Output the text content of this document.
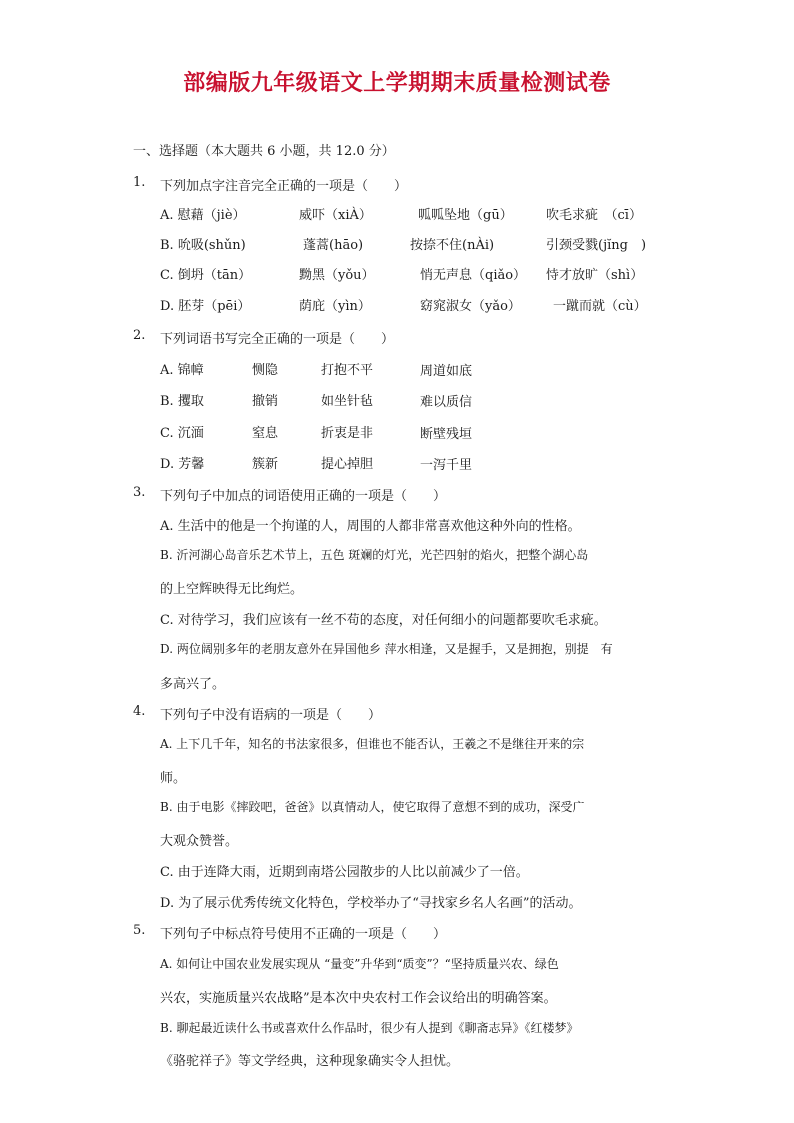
部编版九年级语文上学期期末质量检测试卷
一、选择题（本大题共 6 小题，共 12.0 分）
1. 下列加点字注音完全正确的一项是（　　）
A. 慰藉（jiè）	威吓（xiÀ）	呱呱坠地（gū）	吹毛求疵　（cī）
B. 吮吸(shǔn)	蓬蒿(hāo)	按捺不住(nÀi)	引颈受戮(jĭng　)
C. 倒坍（tān）	黝黑（yǒu）	悄无声息（qiǎo） 恃才放旷（shì）
D. 胚芽（pēi）	荫庇（yìn）	窈窕淑女（yǎo） 一蹴而就（cù）
2. 下列词语书写完全正确的一项是（　　）
A. 锦幛	恻隐	打抱不平	周道如底
B. 攫取	撤销	如坐针毡	难以质信
C. 沉湎	窒息	折衷是非	断壁残垣
D. 芳馨	簇新	提心掉胆	一泻千里
3. 下列句子中加点的词语使用正确的一项是（　　）
A. 生活中的他是一个拘谨的人，周围的人都非常喜欢他这种外向的性格。
B. 沂河湖心岛音乐艺术节上，五色 斑斓的灯光，光芒四射的焰火，把整个湖心岛
的上空辉映得无比绚烂。
C. 对待学习，我们应该有一丝不苟的态度，对任何细小的问题都要吹毛求疵。
D. 两位阔别多年的老朋友意外在异国他乡 萍水相逢，又是握手，又是拥抱，别提　有
多高兴了。
4. 下列句子中没有语病的一项是（　　）
A. 上下几千年，知名的书法家很多，但谁也不能否认，王羲之不是继往开来的宗
师。
B. 由于电影《摔跤吧，爸爸》以真情动人，使它取得了意想不到的成功，深受广
大观众赞誉。
C. 由于连降大雨，近期到南塔公园散步的人比以前减少了一倍。
D. 为了展示优秀传统文化特色，学校举办了“寻找家乡名人名画”的活动。
5. 下列句子中标点符号使用不正确的一项是（　　）
A. 如何让中国农业发展实现从 “量变”升华到“质变”？“坚持质量兴农、绿色
兴农，实施质量兴农战略”是本次中央农村工作会议给出的明确答案。
B. 聊起最近读什么书或喜欢什么作品时，很少有人提到《聊斋志异》《红楼梦》
《骆驼祥子》等文学经典，这种现象确实令人担忧。
